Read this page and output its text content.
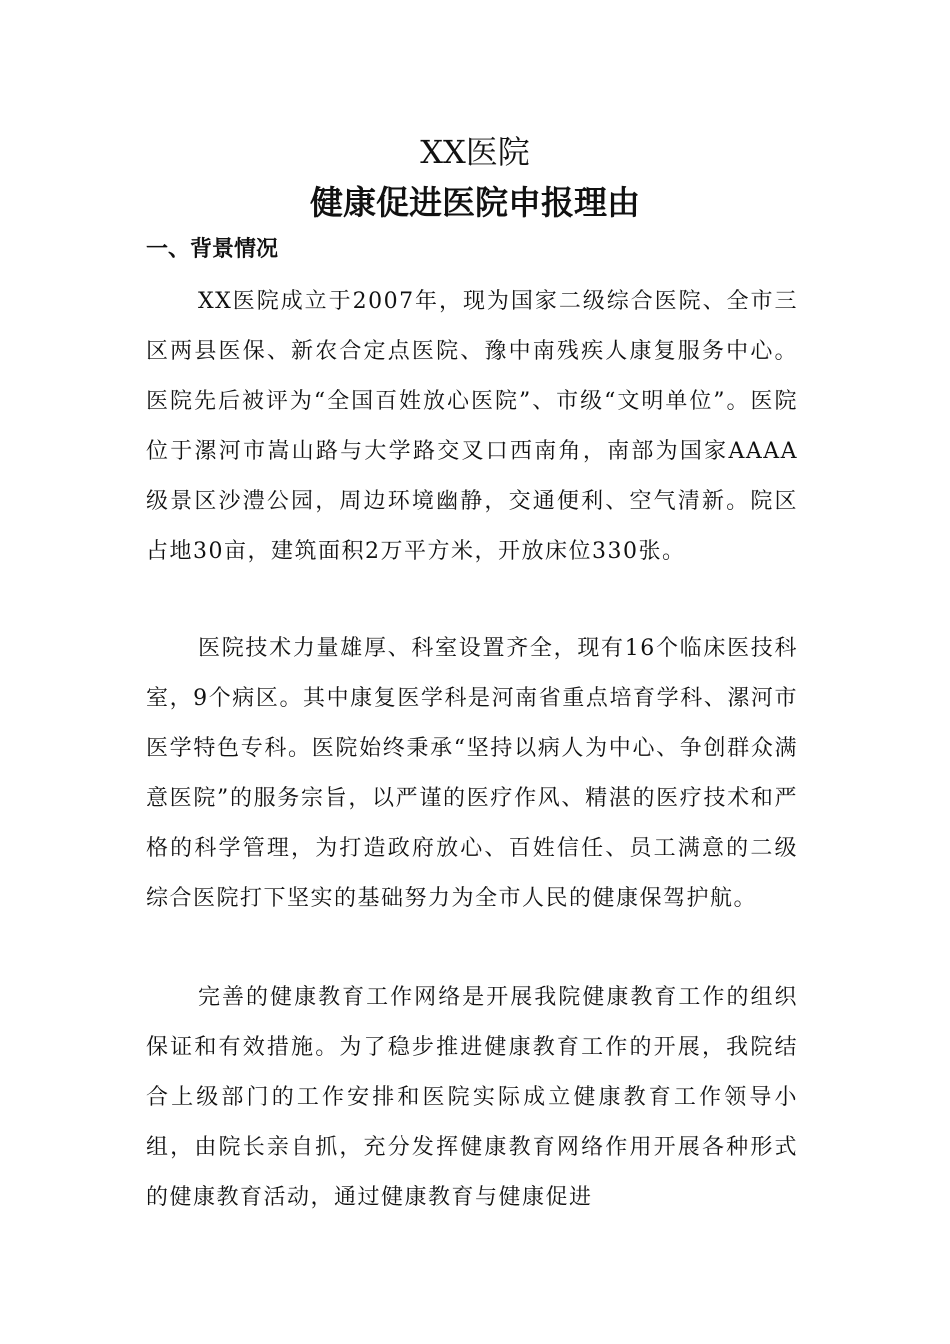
XX医院
健康促进医院申报理由
一、背景情况

XX医院成立于2007年，现为国家二级综合医院、全市三区两县医保、新农合定点医院、豫中南残疾人康复服务中心。医院先后被评为“全国百姓放心医院”、市级“文明单位”。医院位于漯河市嵩山路与大学路交叉口西南角，南部为国家AAAA级景区沙澧公园，周边环境幽静，交通便利、空气清新。院区占地30亩，建筑面积2万平方米，开放床位330张。

医院技术力量雄厚、科室设置齐全，现有16个临床医技科室，9个病区。其中康复医学科是河南省重点培育学科、漯河市医学特色专科。医院始终秉承“坚持以病人为中心、争创群众满意医院”的服务宗旨，以严谨的医疗作风、精湛的医疗技术和严格的科学管理，为打造政府放心、百姓信任、员工满意的二级综合医院打下坚实的基础努力为全市人民的健康保驾护航。

完善的健康教育工作网络是开展我院健康教育工作的组织保证和有效措施。为了稳步推进健康教育工作的开展，我院结合上级部门的工作安排和医院实际成立健康教育工作领导小组，由院长亲自抓，充分发挥健康教育网络作用开展各种形式的健康教育活动，通过健康教育与健康促进
